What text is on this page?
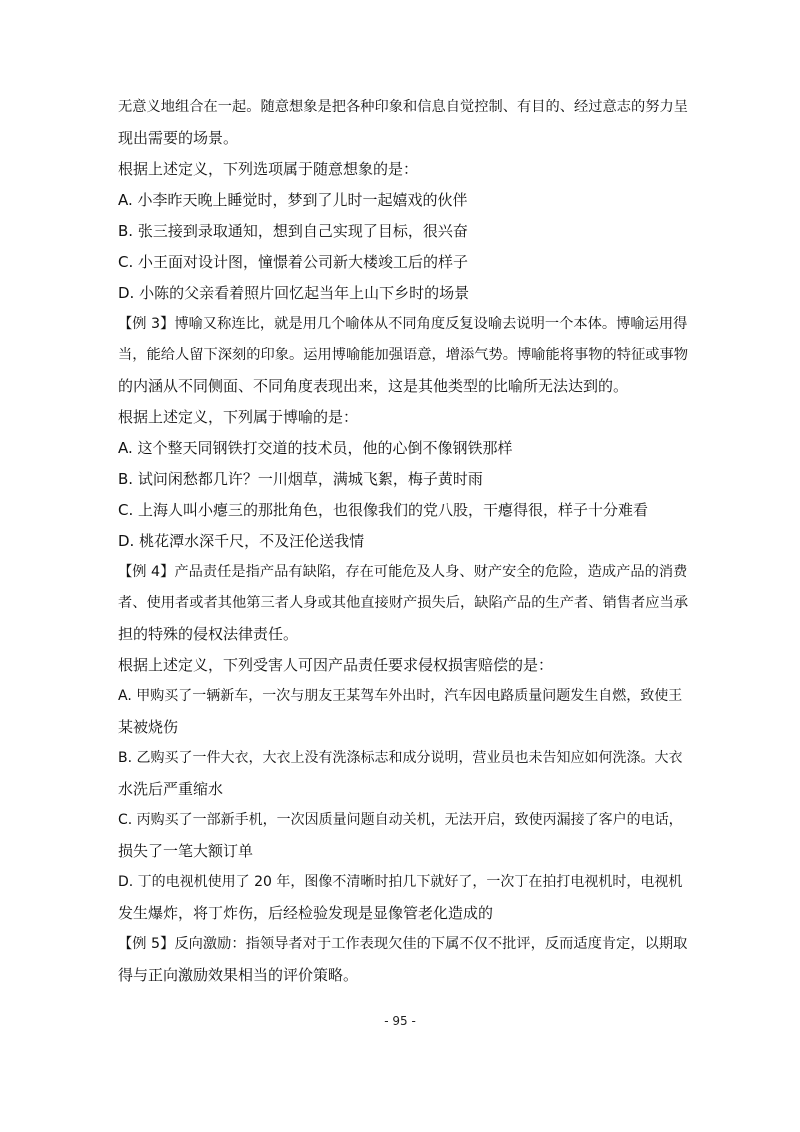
无意义地组合在一起。随意想象是把各种印象和信息自觉控制、有目的、经过意志的努力呈
现出需要的场景。
根据上述定义，下列选项属于随意想象的是：
A. 小李昨天晚上睡觉时，梦到了儿时一起嬉戏的伙伴
B. 张三接到录取通知，想到自己实现了目标，很兴奋
C. 小王面对设计图，憧憬着公司新大楼竣工后的样子
D. 小陈的父亲看着照片回忆起当年上山下乡时的场景
【例 3】博喻又称连比，就是用几个喻体从不同角度反复设喻去说明一个本体。博喻运用得
当，能给人留下深刻的印象。运用博喻能加强语意，增添气势。博喻能将事物的特征或事物
的内涵从不同侧面、不同角度表现出来，这是其他类型的比喻所无法达到的。
根据上述定义，下列属于博喻的是：
A. 这个整天同钢铁打交道的技术员，他的心倒不像钢铁那样
B. 试问闲愁都几许？一川烟草，满城飞絮，梅子黄时雨
C. 上海人叫小瘪三的那批角色，也很像我们的党八股，干瘪得很，样子十分难看
D. 桃花潭水深千尺，不及汪伦送我情
【例 4】产品责任是指产品有缺陷，存在可能危及人身、财产安全的危险，造成产品的消费
者、使用者或者其他第三者人身或其他直接财产损失后，缺陷产品的生产者、销售者应当承
担的特殊的侵权法律责任。
根据上述定义，下列受害人可因产品责任要求侵权损害赔偿的是：
A. 甲购买了一辆新车，一次与朋友王某驾车外出时，汽车因电路质量问题发生自燃，致使王
某被烧伤
B. 乙购买了一件大衣，大衣上没有洗涤标志和成分说明，营业员也未告知应如何洗涤。大衣
水洗后严重缩水
C. 丙购买了一部新手机，一次因质量问题自动关机，无法开启，致使丙漏接了客户的电话，
损失了一笔大额订单
D. 丁的电视机使用了 20 年，图像不清晰时拍几下就好了，一次丁在拍打电视机时，电视机
发生爆炸，将丁炸伤，后经检验发现是显像管老化造成的
【例 5】反向激励：指领导者对于工作表现欠佳的下属不仅不批评，反而适度肯定，以期取
得与正向激励效果相当的评价策略。
- 95 -
